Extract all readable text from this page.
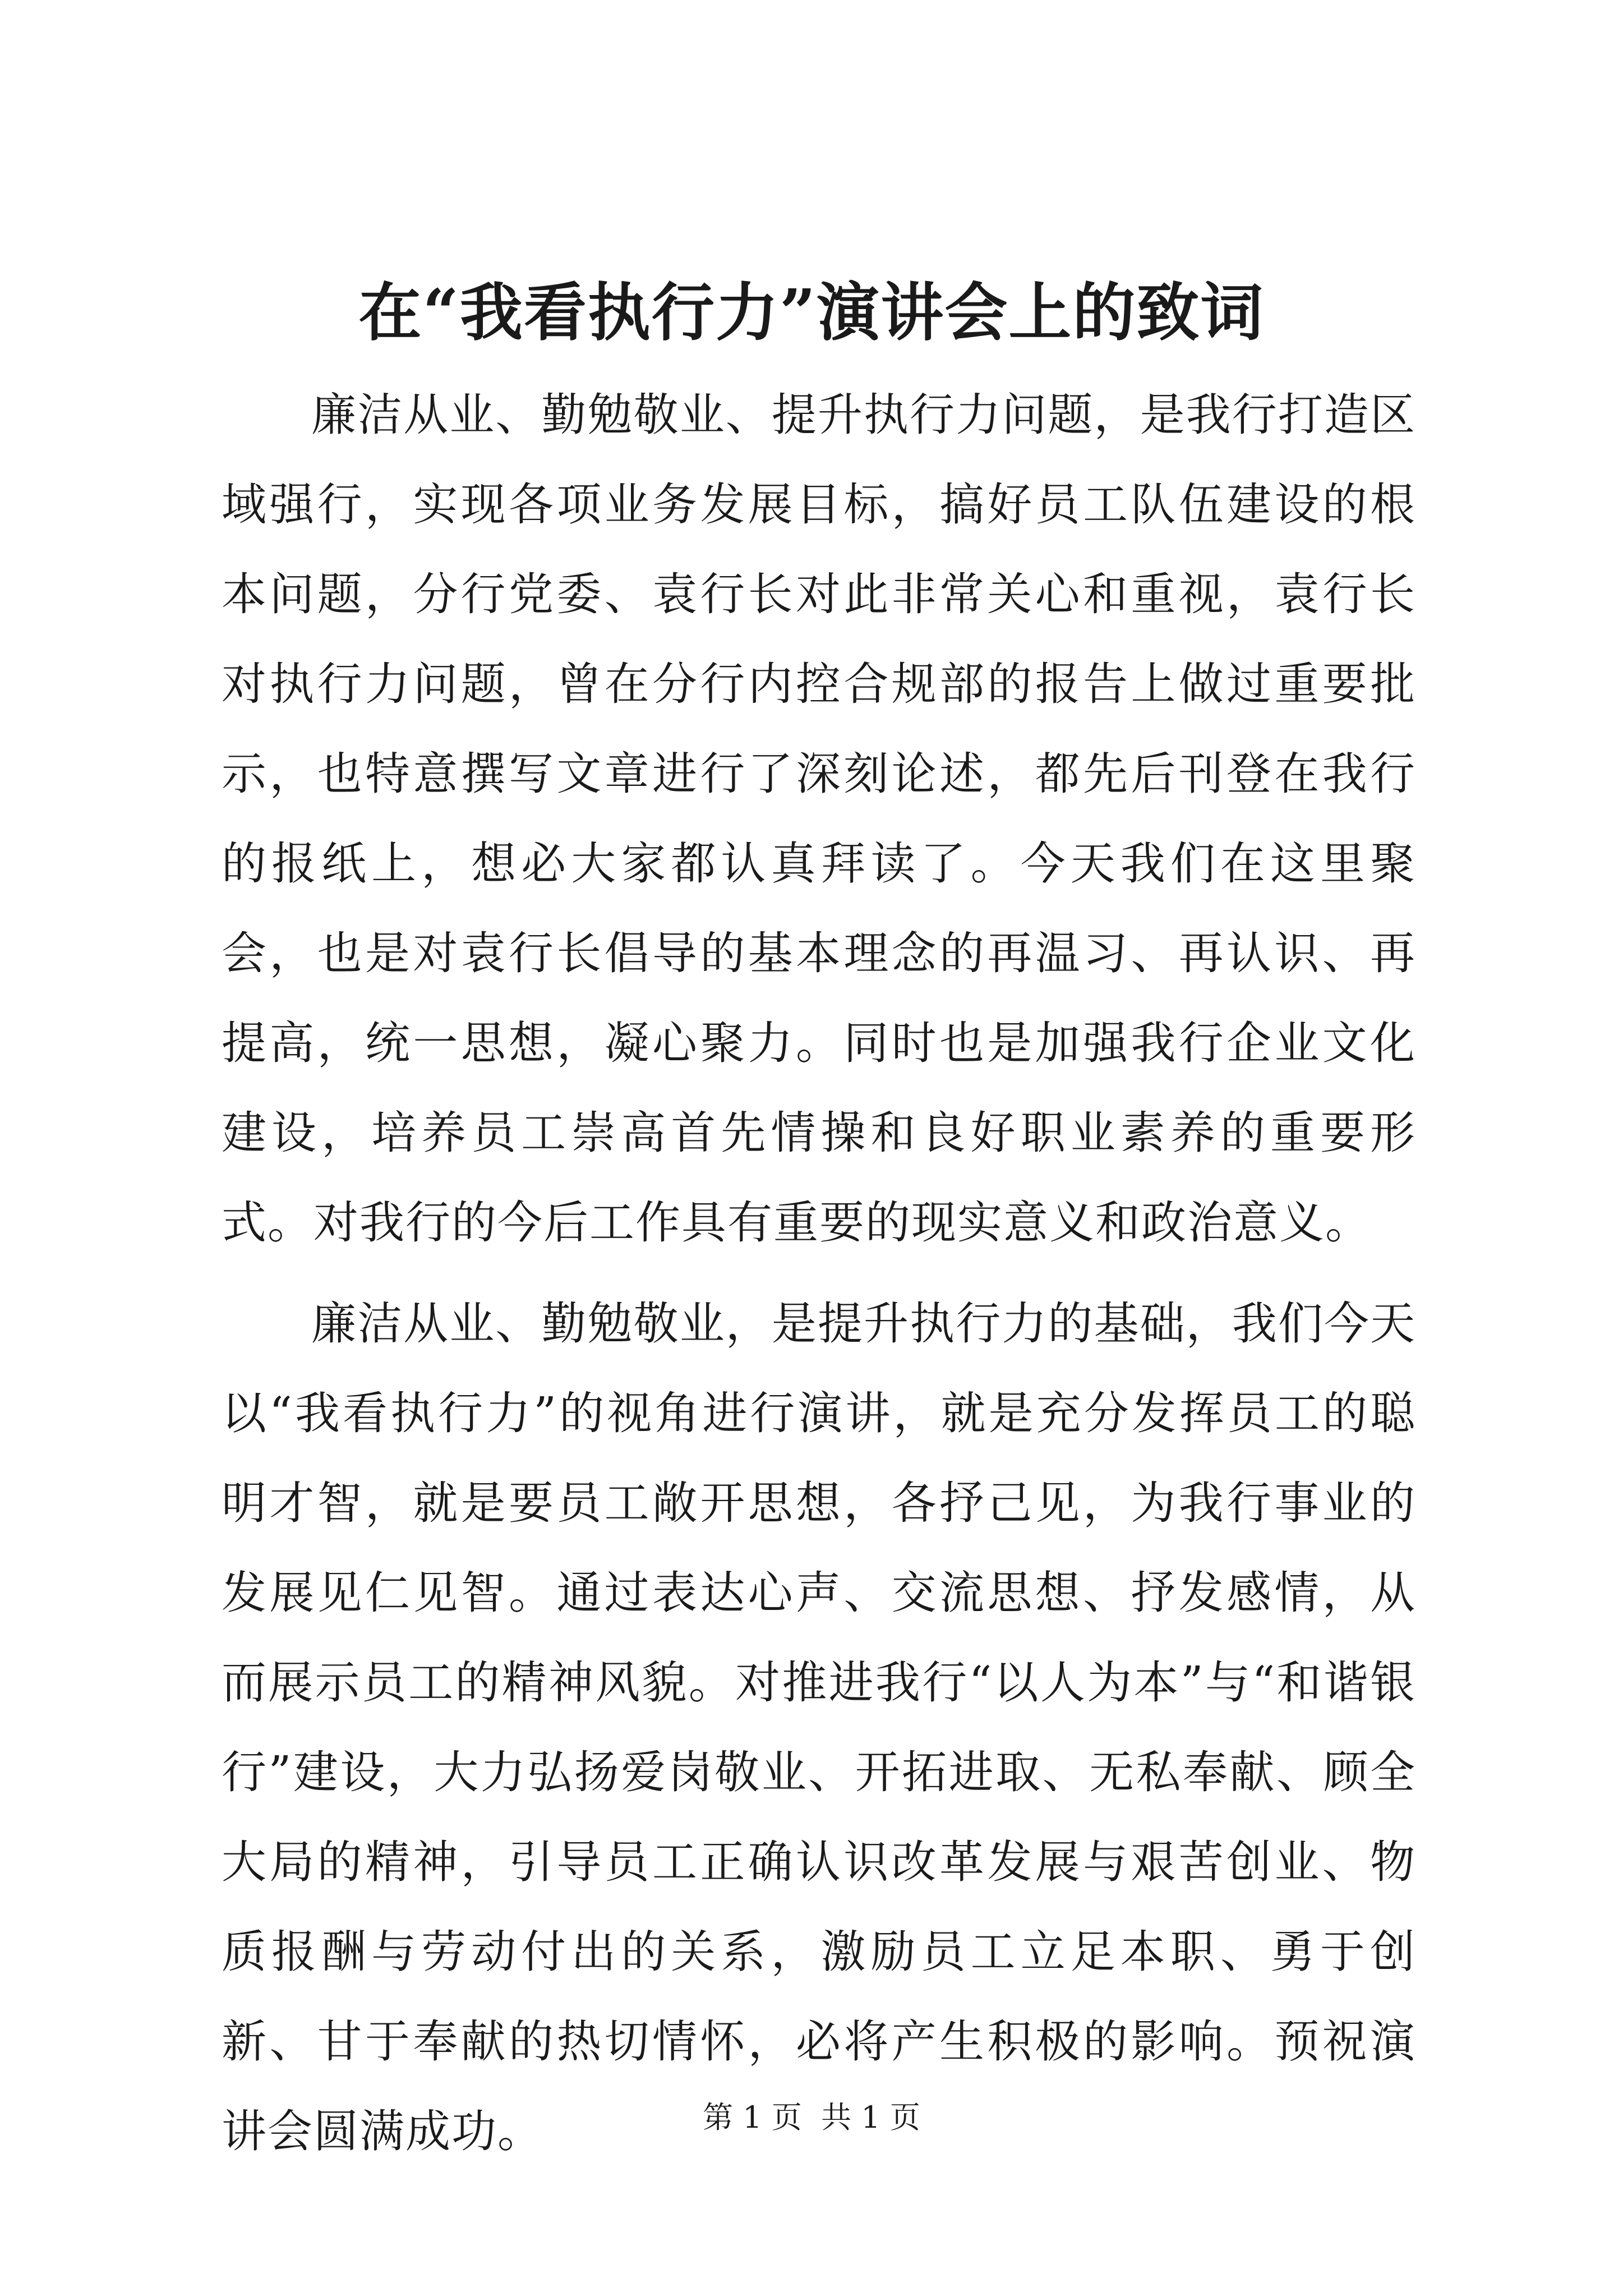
在“我看执行力”演讲会上的致词

廉洁从业、勤勉敬业、提升执行力问题，是我行打造区域强行，实现各项业务发展目标，搞好员工队伍建设的根本问题，分行党委、袁行长对此非常关心和重视，袁行长对执行力问题，曾在分行内控合规部的报告上做过重要批示，也特意撰写文章进行了深刻论述，都先后刊登在我行的报纸上，想必大家都认真拜读了。今天我们在这里聚会，也是对袁行长倡导的基本理念的再温习、再认识、再提高，统一思想，凝心聚力。同时也是加强我行企业文化建设，培养员工崇高首先情操和良好职业素养的重要形式。对我行的今后工作具有重要的现实意义和政治意义。

廉洁从业、勤勉敬业，是提升执行力的基础，我们今天以“我看执行力”的视角进行演讲，就是充分发挥员工的聪明才智，就是要员工敞开思想，各抒己见，为我行事业的发展见仁见智。通过表达心声、交流思想、抒发感情，从而展示员工的精神风貌。对推进我行“以人为本”与“和谐银行”建设，大力弘扬爱岗敬业、开拓进取、无私奉献、顾全大局的精神，引导员工正确认识改革发展与艰苦创业、物质报酬与劳动付出的关系，激励员工立足本职、勇于创新、甘于奉献的热切情怀，必将产生积极的影响。预祝演讲会圆满成功。	第 1 页  共 1 页
